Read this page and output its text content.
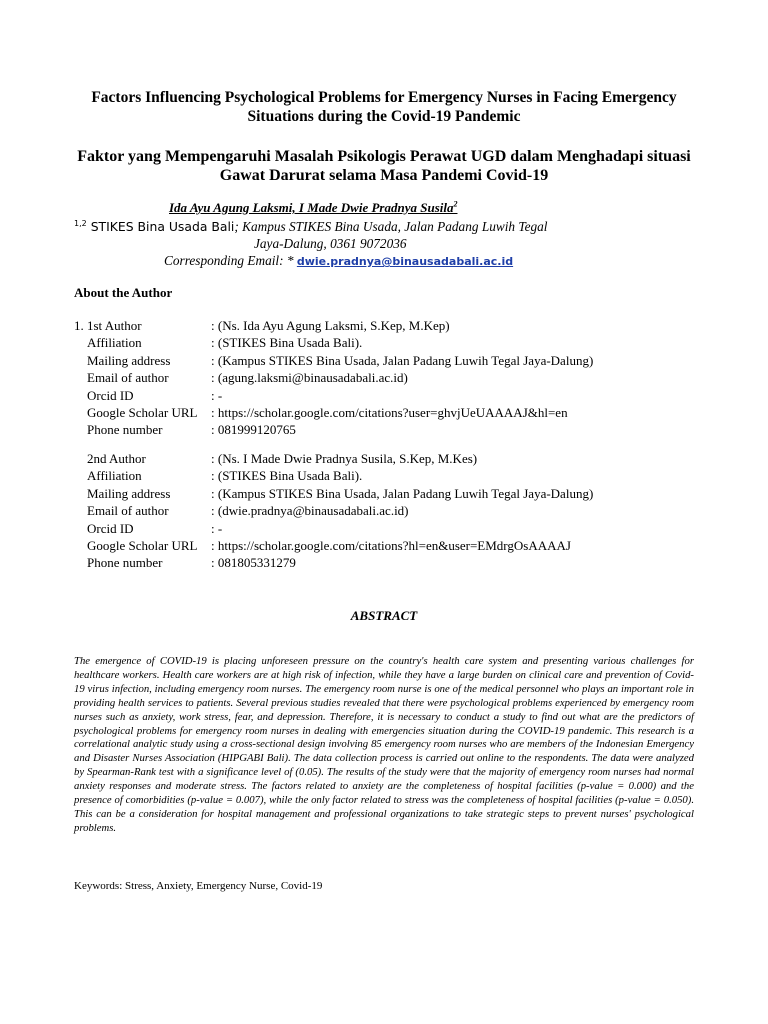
Factors Influencing Psychological Problems for Emergency Nurses in Facing Emergency Situations during the Covid-19 Pandemic
Faktor yang Mempengaruhi Masalah Psikologis Perawat UGD dalam Menghadapi situasi Gawat Darurat selama Masa Pandemi Covid-19
Ida Ayu Agung Laksmi, I Made Dwie Pradnya Susila$^2$
$^{1,2}$ STIKES Bina Usada Bali; Kampus STIKES Bina Usada, Jalan Padang Luwih Tegal
Jaya-Dalung, 0361 9072036
Corresponding Email: * dwie.pradnya@binausadabali.ac.id
About the Author
1. 1st Author	: (Ns. Ida Ayu Agung Laksmi, S.Kep, M.Kep)
Affiliation	: (STIKES Bina Usada Bali).
Mailing address	: (Kampus STIKES Bina Usada, Jalan Padang Luwih Tegal Jaya-Dalung)
Email of author	: (agung.laksmi@binausadabali.ac.id)
Orcid ID	: -
Google Scholar URL	: https://scholar.google.com/citations?user=ghvjUeUAAAAJ&hl=en
Phone number	: 081999120765
2nd Author	: (Ns. I Made Dwie Pradnya Susila, S.Kep, M.Kes)
Affiliation	: (STIKES Bina Usada Bali).
Mailing address	: (Kampus STIKES Bina Usada, Jalan Padang Luwih Tegal Jaya-Dalung)
Email of author	: (dwie.pradnya@binausadabali.ac.id)
Orcid ID	: -
Google Scholar URL	: https://scholar.google.com/citations?hl=en&user=EMdrgOsAAAAJ
Phone number	: 081805331279
ABSTRACT
The emergence of COVID-19 is placing unforeseen pressure on the country's health care system and presenting various challenges for healthcare workers. Health care workers are at high risk of infection, while they have a large burden on clinical care and prevention of Covid-19 virus infection, including emergency room nurses. The emergency room nurse is one of the medical personnel who plays an important role in providing health services to patients. Several previous studies revealed that there were psychological problems experienced by emergency room nurses such as anxiety, work stress, fear, and depression. Therefore, it is necessary to conduct a study to find out what are the predictors of psychological problems for emergency room nurses in dealing with emergencies situation during the COVID-19 pandemic. This research is a correlational analytic study using a cross-sectional design involving 85 emergency room nurses who are members of the Indonesian Emergency and Disaster Nurses Association (HIPGABI Bali). The data collection process is carried out online to the respondents. The data were analyzed by Spearman-Rank test with a significance level of (0.05). The results of the study were that the majority of emergency room nurses had normal anxiety responses and moderate stress. The factors related to anxiety are the completeness of hospital facilities (p-value = 0.000) and the presence of comorbidities (p-value = 0.007), while the only factor related to stress was the completeness of hospital facilities (p-value = 0.050). This can be a consideration for hospital management and professional organizations to take strategic steps to prevent nurses' psychological problems.
Keywords: Stress, Anxiety, Emergency Nurse, Covid-19
